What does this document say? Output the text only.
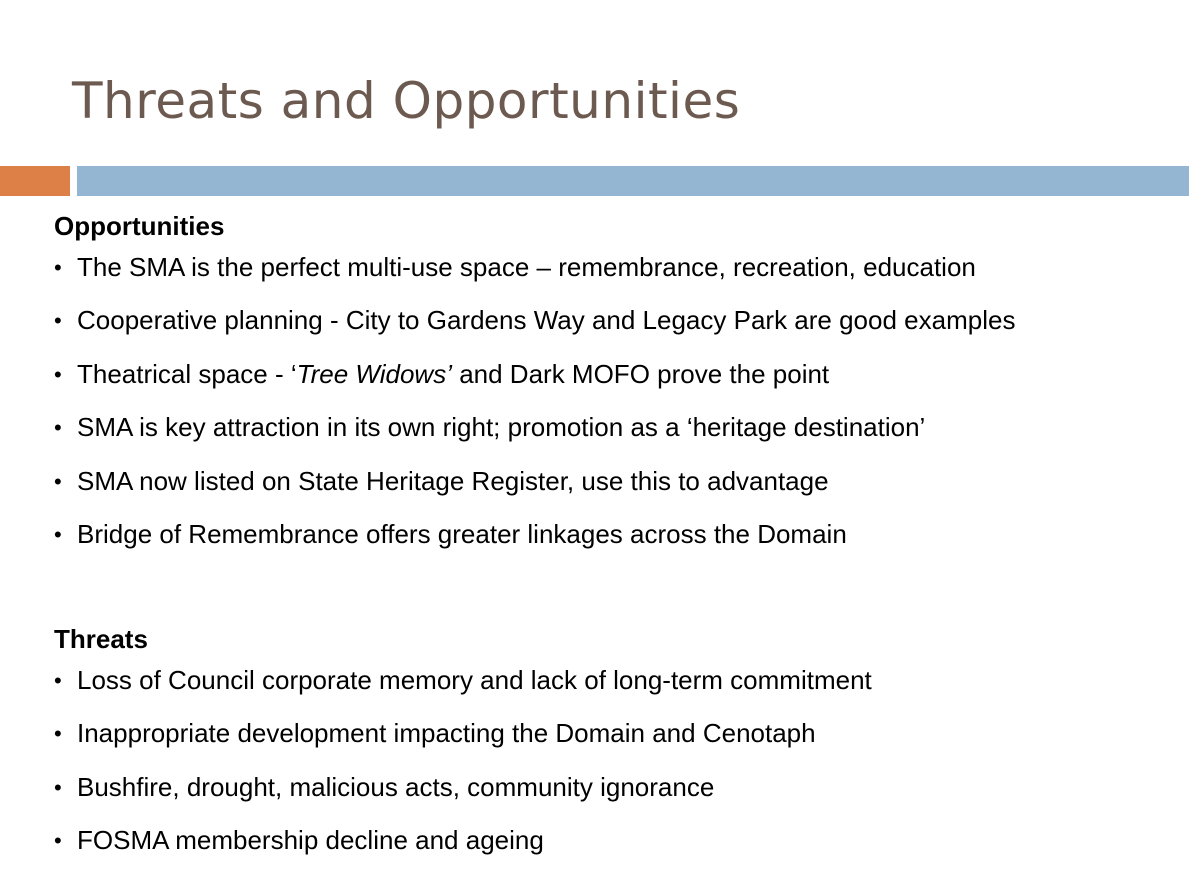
Threats and Opportunities
Opportunities
• The SMA is the perfect multi-use space – remembrance, recreation, education
• Cooperative planning - City to Gardens Way and Legacy Park are good examples
• Theatrical space - ‘Tree Widows’ and Dark MOFO prove the point
• SMA is key attraction in its own right; promotion as a ‘heritage destination’
• SMA now listed on State Heritage Register, use this to advantage
• Bridge of Remembrance offers greater linkages across the Domain
Threats
• Loss of Council corporate memory and lack of long-term commitment
• Inappropriate development impacting the Domain and Cenotaph
• Bushfire, drought, malicious acts, community ignorance
• FOSMA membership decline and ageing
